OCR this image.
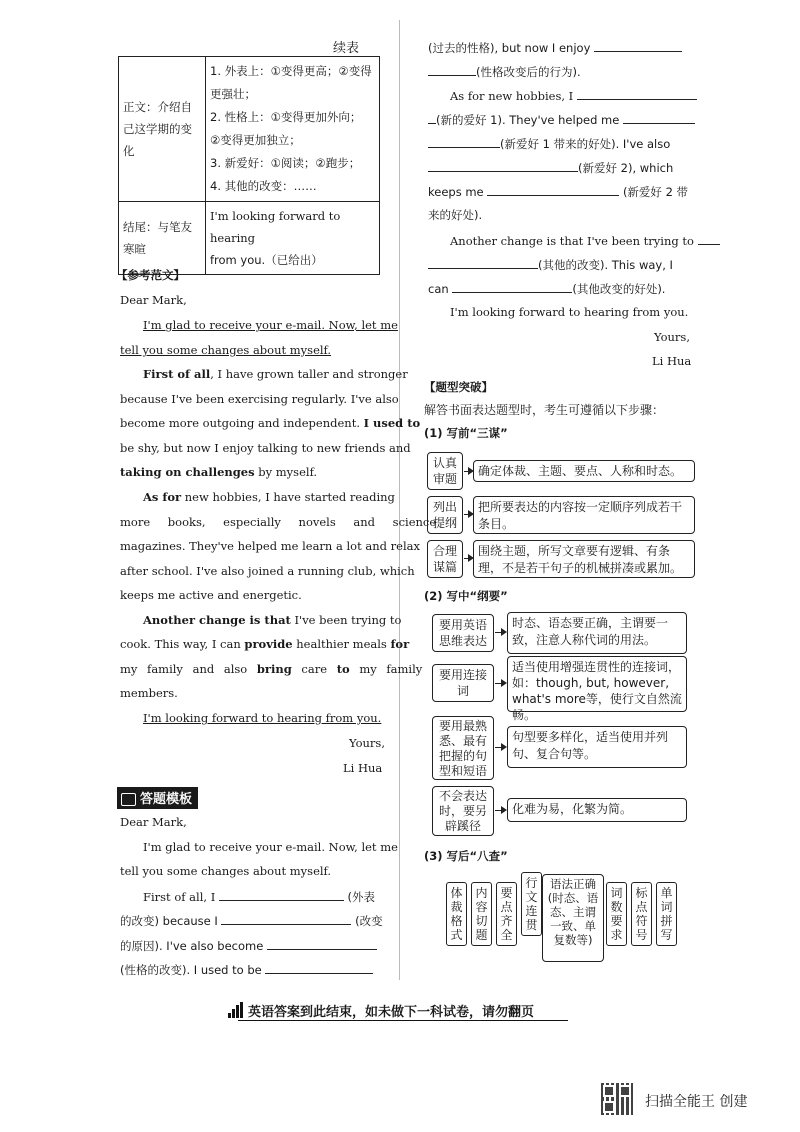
续表
正文：介绍自己这学期的变化	1. 外表上：①变得更高；②变得更强壮；
2. 性格上：①变得更加外向；
②变得更加独立；
3. 新爱好：①阅读；②跑步；
4. 其他的改变：……

结尾：与笔友寒暄	I'm looking forward to hearing
from you.（已给出）
【参考范文】
Dear Mark,
I'm glad to receive your e-mail. Now, let me
tell you some changes about myself.
First of all, I have grown taller and stronger
because I've been exercising regularly. I've also
become more outgoing and independent. I used to
be shy, but now I enjoy talking to new friends and
taking on challenges by myself.
As for new hobbies, I have started reading
more books, especially novels and science
magazines. They've helped me learn a lot and relax
after school. I've also joined a running club, which
keeps me active and energetic.
Another change is that I've been trying to
cook. This way, I can provide healthier meals for
my family and also bring care to my family
members.
I'm looking forward to hearing from you.
Yours,
Li Hua
答题模板
Dear Mark,
I'm glad to receive your e-mail. Now, let me
tell you some changes about myself.
First of all, I	(外表
的改变) because I	(改变
的原因). I've also become
(性格的改变). I used to be
(过去的性格), but now I enjoy
(性格改变后的行为).
As for new hobbies, I
(新的爱好 1). They've helped me
(新爱好 1 带来的好处). I've also
(新爱好 2), which
keeps me	(新爱好 2 带
来的好处).
Another change is that I've been trying to
(其他的改变). This way, I
can	(其他改变的好处).
I'm looking forward to hearing from you.
Yours,
Li Hua
【题型突破】
解答书面表达题型时，考生可遵循以下步骤：
(1) 写前“三谋”
认真审题
确定体裁、主题、要点、人称和时态。
列出提纲
把所要表达的内容按一定顺序列成若干条目。
合理谋篇
围绕主题，所写文章要有逻辑、有条理，不是若干句子的机械拼凑或累加。
(2) 写中“纲要”
要用英语思维表达
时态、语态要正确，主谓要一致，注意人称代词的用法。
要用连接词
适当使用增强连贯性的连接词，如：though, but, however, what's more等，使行文自然流畅。
要用最熟悉、最有把握的句型和短语
句型要多样化，适当使用并列句、复合句等。
不会表达时，要另辟蹊径
化难为易，化繁为简。
(3) 写后“八查”
体裁格式
内容切题
要点齐全
行文连贯
语法正确(时态、语态、主谓一致、单复数等)
词数要求
标点符号
单词拼写
英语答案到此结束，如未做下一科试卷，请勿翻页
扫描全能王 创建
